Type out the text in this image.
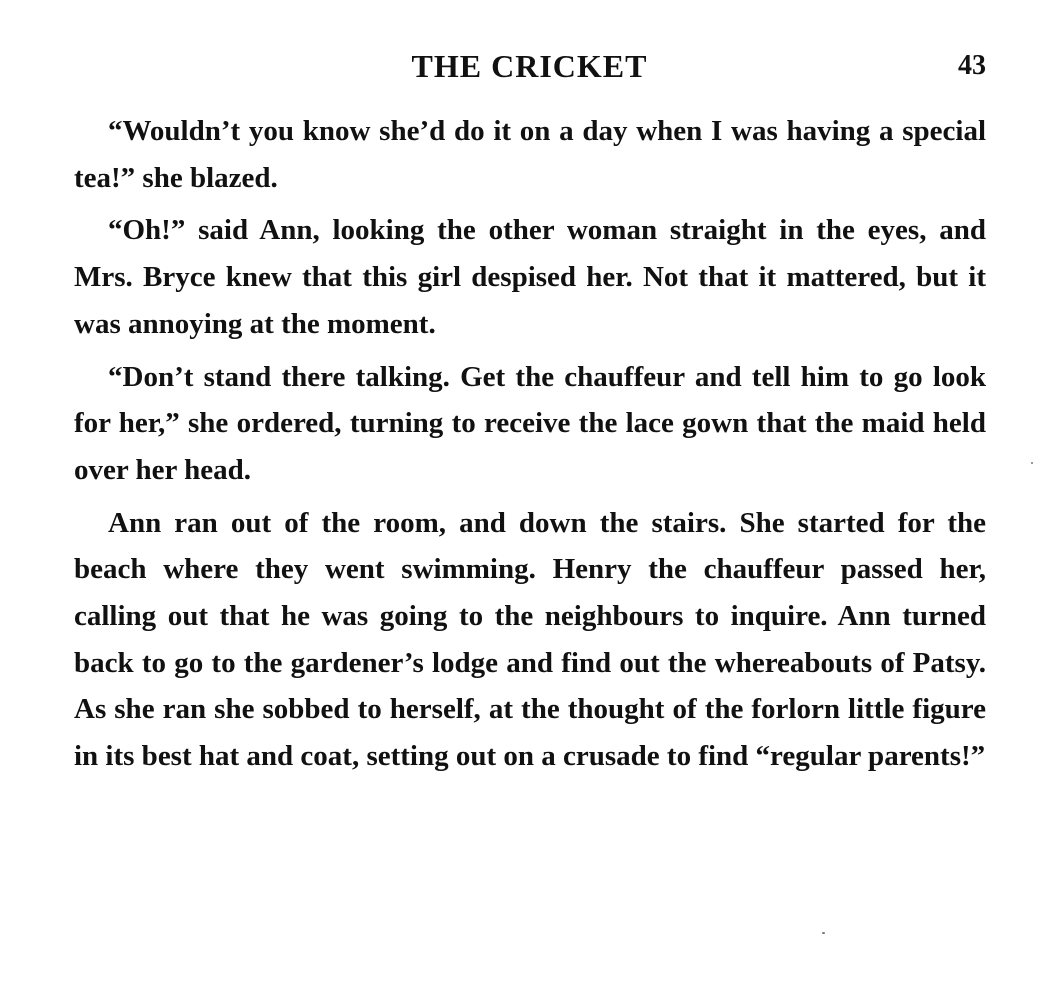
THE CRICKET	43

“Wouldn’t you know she’d do it on a day when I was having a special tea!” she blazed.

“Oh!” said Ann, looking the other woman straight in the eyes, and Mrs. Bryce knew that this girl despised her. Not that it mattered, but it was annoying at the moment.

“Don’t stand there talking. Get the chauffeur and tell him to go look for her,” she ordered, turning to receive the lace gown that the maid held over her head.

Ann ran out of the room, and down the stairs. She started for the beach where they went swimming. Henry the chauffeur passed her, calling out that he was going to the neighbours to inquire. Ann turned back to go to the gardener’s lodge and find out the whereabouts of Patsy. As she ran she sobbed to herself, at the thought of the forlorn little figure in its best hat and coat, setting out on a crusade to find “regular parents!”
